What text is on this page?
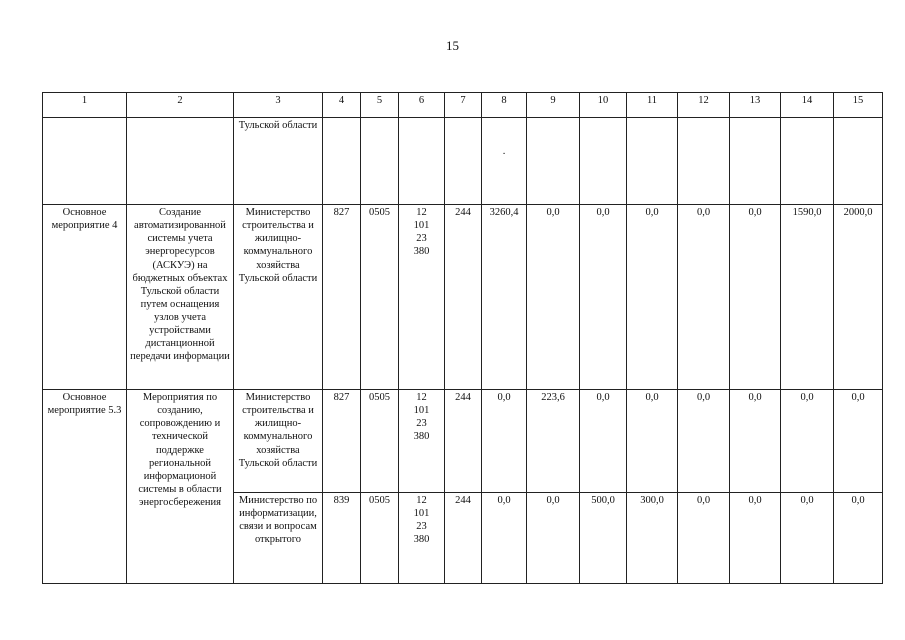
15
1	2	3	4	5	6	7	8	9	10	11	12	13	14	15
		Тульской области					.							
Основное мероприятие 4	Создание автоматизированной системы учета энергоресурсов (АСКУЭ) на бюджетных объектах Тульской области путем оснащения узлов учета устройствами дистанционной передачи информации	Министерство строительства и жилищно-коммунального хозяйства Тульской области	827	0505	12
101
23
380	244	3260,4	0,0	0,0	0,0	0,0	0,0	1590,0	2000,0
Основное мероприятие 5.3	Мероприятия по созданию, сопровождению и технической поддержке региональной информационой системы в области энергосбережения	Министерство строительства и жилищно-коммунального хозяйства Тульской области	827	0505	12
101
23
380	244	0,0	223,6	0,0	0,0	0,0	0,0	0,0	0,0
		Министерство по информатизации, связи и вопросам открытого	839	0505	12
101
23
380	244	0,0	0,0	500,0	300,0	0,0	0,0	0,0	0,0
